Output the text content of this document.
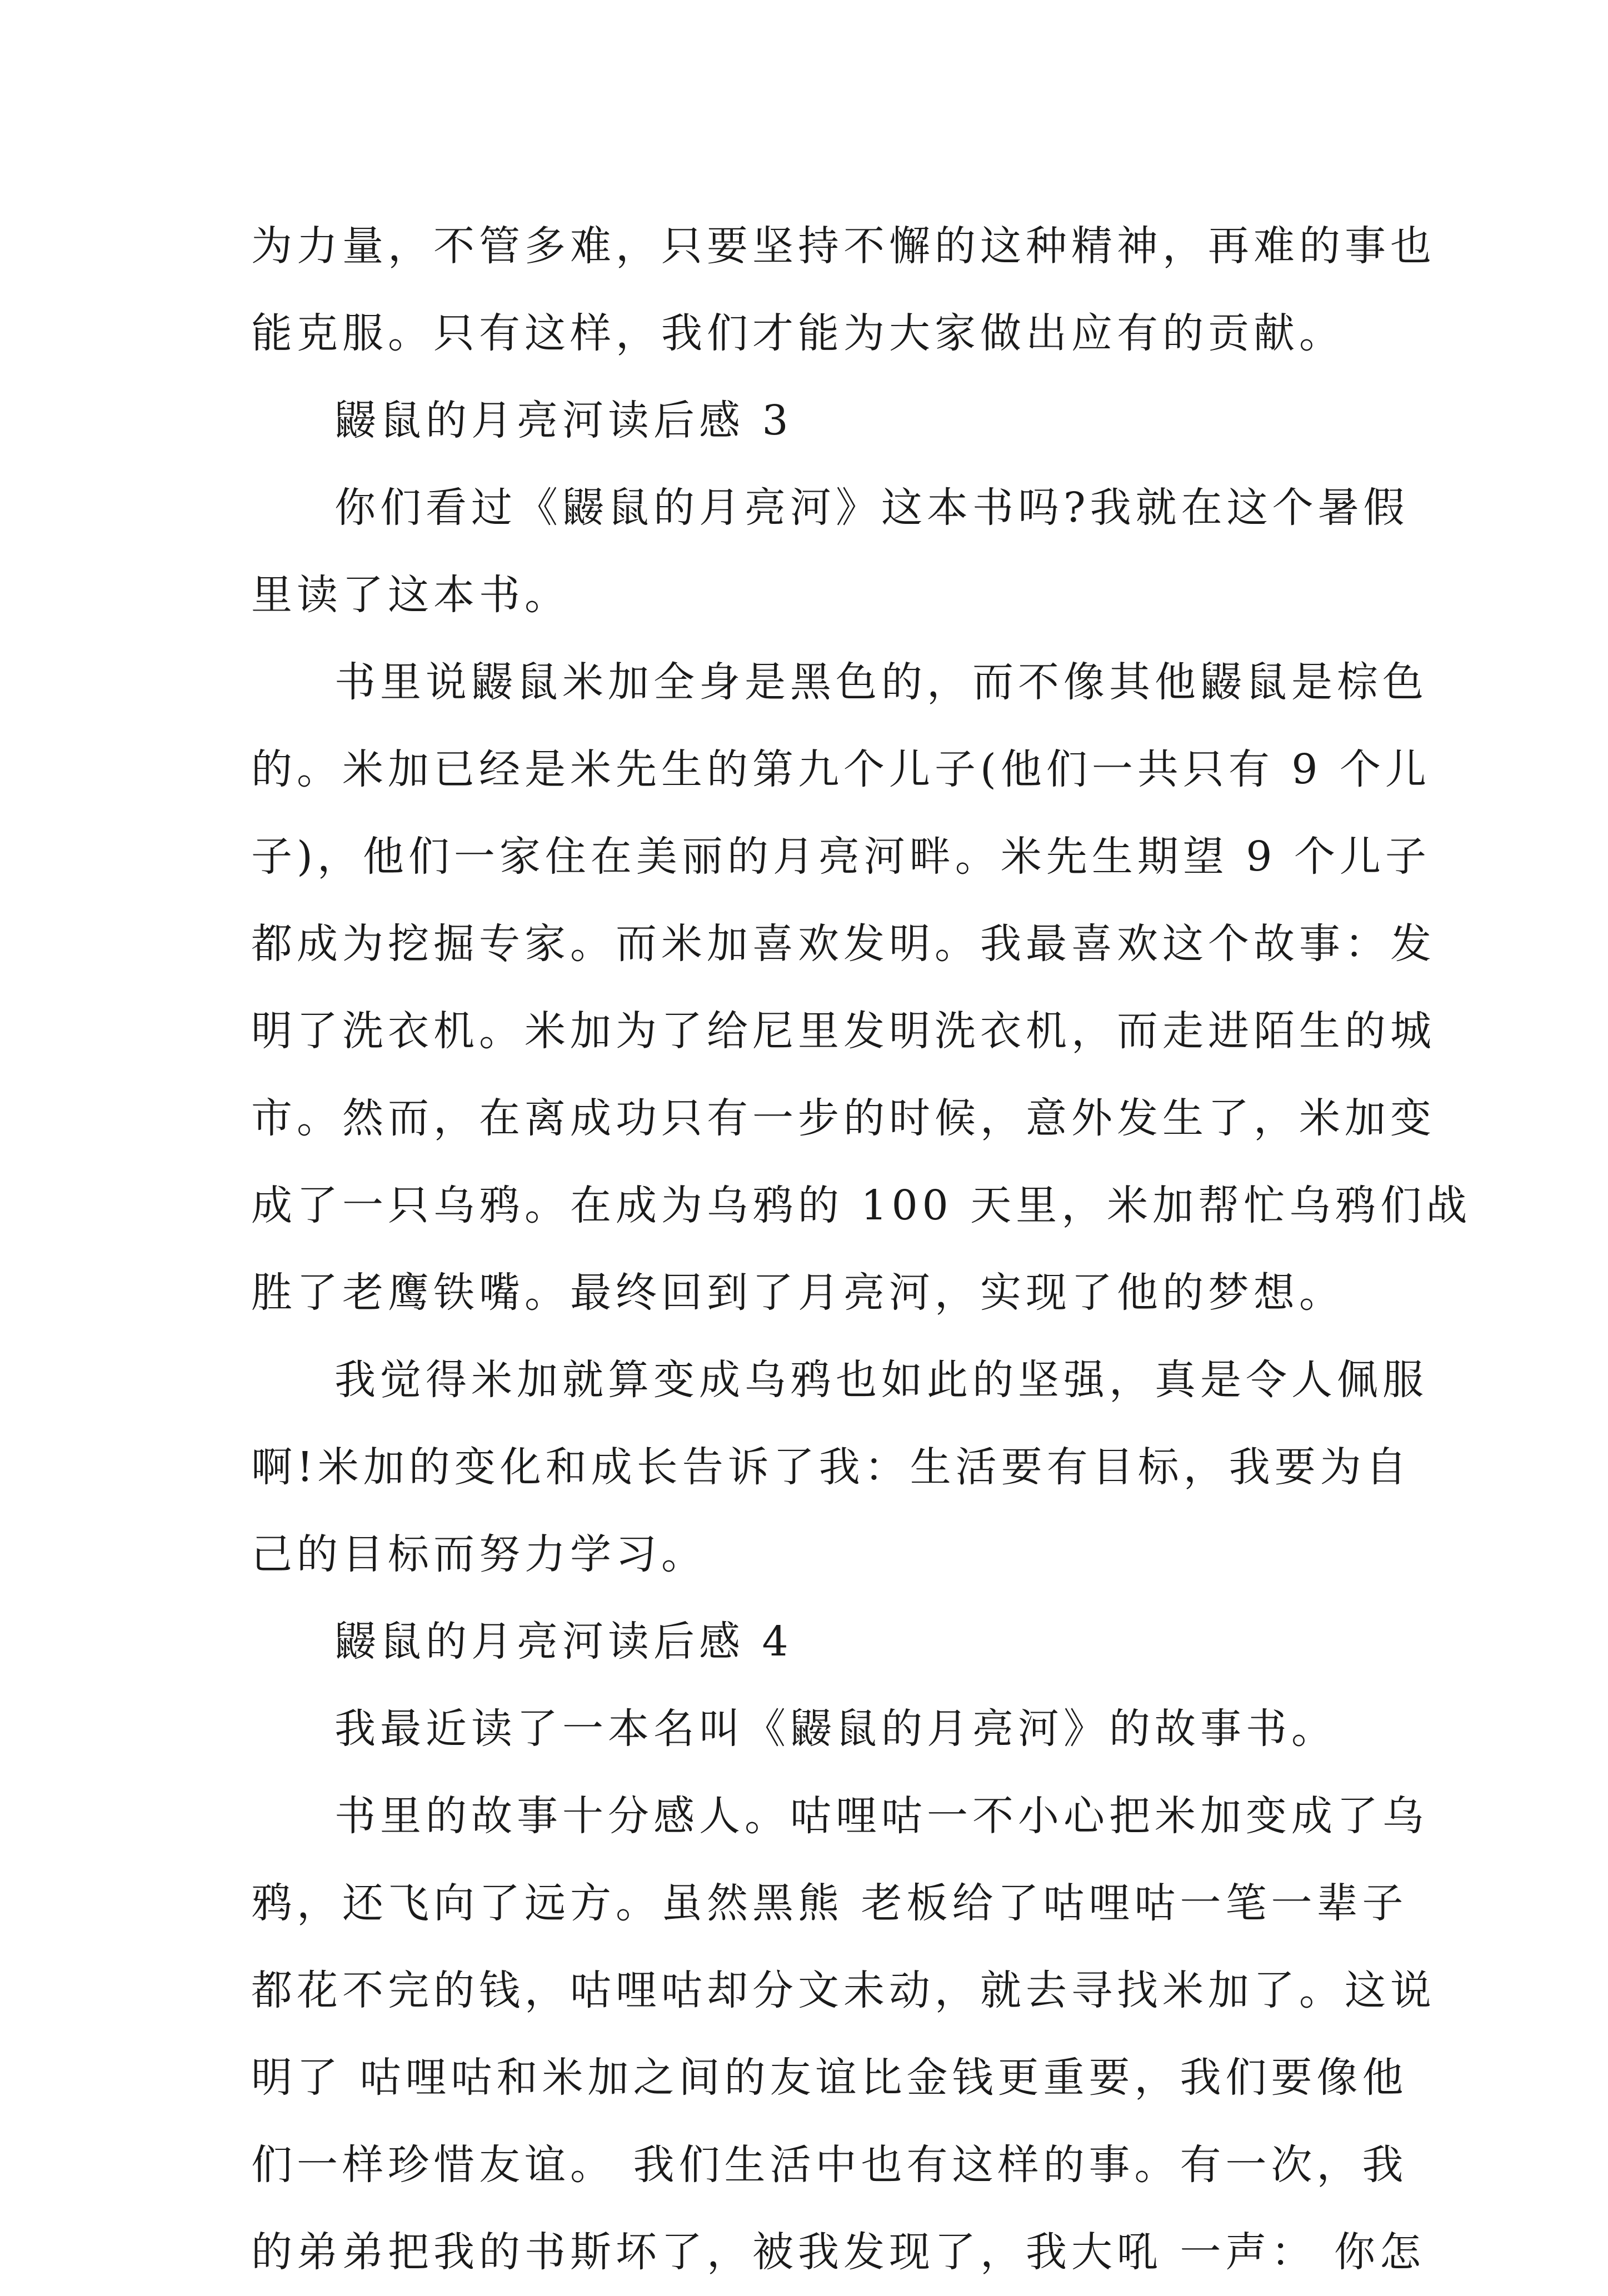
为力量，不管多难，只要坚持不懈的这种精神，再难的事也
能克服。只有这样，我们才能为大家做出应有的贡献。
鼹鼠的月亮河读后感 3
你们看过《鼹鼠的月亮河》这本书吗?我就在这个暑假
里读了这本书。
书里说鼹鼠米加全身是黑色的，而不像其他鼹鼠是棕色
的。米加已经是米先生的第九个儿子(他们一共只有 9 个儿
子)，他们一家住在美丽的月亮河畔。米先生期望 9 个儿子
都成为挖掘专家。而米加喜欢发明。我最喜欢这个故事：发
明了洗衣机。米加为了给尼里发明洗衣机，而走进陌生的城
市。然而，在离成功只有一步的时候，意外发生了，米加变
成了一只乌鸦。在成为乌鸦的 100 天里，米加帮忙乌鸦们战
胜了老鹰铁嘴。最终回到了月亮河，实现了他的梦想。
我觉得米加就算变成乌鸦也如此的坚强，真是令人佩服
啊!米加的变化和成长告诉了我：生活要有目标，我要为自
己的目标而努力学习。
鼹鼠的月亮河读后感 4
我最近读了一本名叫《鼹鼠的月亮河》的故事书。
书里的故事十分感人。咕哩咕一不小心把米加变成了乌
鸦，还飞向了远方。虽然黑熊 老板给了咕哩咕一笔一辈子
都花不完的钱，咕哩咕却分文未动，就去寻找米加了。这说
明了 咕哩咕和米加之间的友谊比金钱更重要，我们要像他
们一样珍惜友谊。 我们生活中也有这样的事。有一次，我
的弟弟把我的书斯坏了，被我发现了，我大吼 一声： 你怎
